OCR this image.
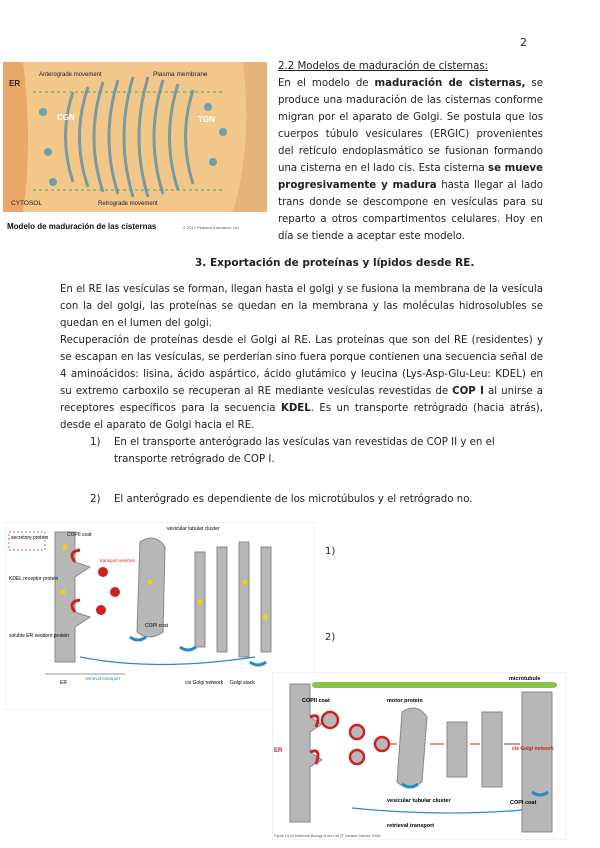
2
ER
Anterograde movement	Plasma membrane
CGN	TGN
CYTOSOL	Retrograde movement
Modelo de maduración de las cisternas	© 2017 Pearson Education, Ltd.
2.2 Modelos de maduración de cisternas:
En el modelo de maduración de cisternas, se produce una maduración de las cisternas conforme migran por el aparato de Golgi. Se postula que los cuerpos túbulo vesiculares (ERGIC) provenientes del retículo endoplasmático se fusionan formando una cisterna en el lado cis. Esta cisterna se mueve progresivamente y madura hasta llegar al lado trans donde se descompone en vesículas para su reparto a otros compartimentos celulares. Hoy en día se tiende a aceptar este modelo.
3. Exportación de proteínas y lípidos desde RE.
En el RE las vesículas se forman, llegan hasta el golgi y se fusiona la membrana de la vesícula con la del golgi, las proteínas se quedan en la membrana y las moléculas hidrosolubles se quedan en el lumen del golgi.
Recuperación de proteínas desde el Golgi al RE. Las proteínas que son del RE (residentes) y se escapan en las vesículas, se perderían sino fuera porque contienen una secuencia señal de 4 aminoácidos: lisina, ácido aspártico, ácido glutámico y leucina (Lys-Asp-Glu-Leu: KDEL) en su extremo carboxilo se recuperan al RE mediante vesículas revestidas de COP I al unirse a receptores específicos para la secuencia KDEL. Es un transporte retrógrado (hacia atrás), desde el aparato de Golgi hacia el RE.
1) En el transporte anterógrado las vesículas van revestidas de COP II y en el transporte retrógrado de COP I.
2) El anterógrado es dependiente de los microtúbulos y el retrógrado no.
secretory protein	COPII coat
KDEL receptor protein
soluble ER resident protein
vesicular tubular cluster
COPI coat
transport vesicles
retrieval transport
ER	cis Golgi network Golgi stack
1)
2)
COPII coat	motor protein
microtubule
ER	cis Golgi network
vesicular tubular cluster	COPI coat
retrieval transport
Figure 13-16 Molecular Biology of the Cell (© Garland Science 2008)
